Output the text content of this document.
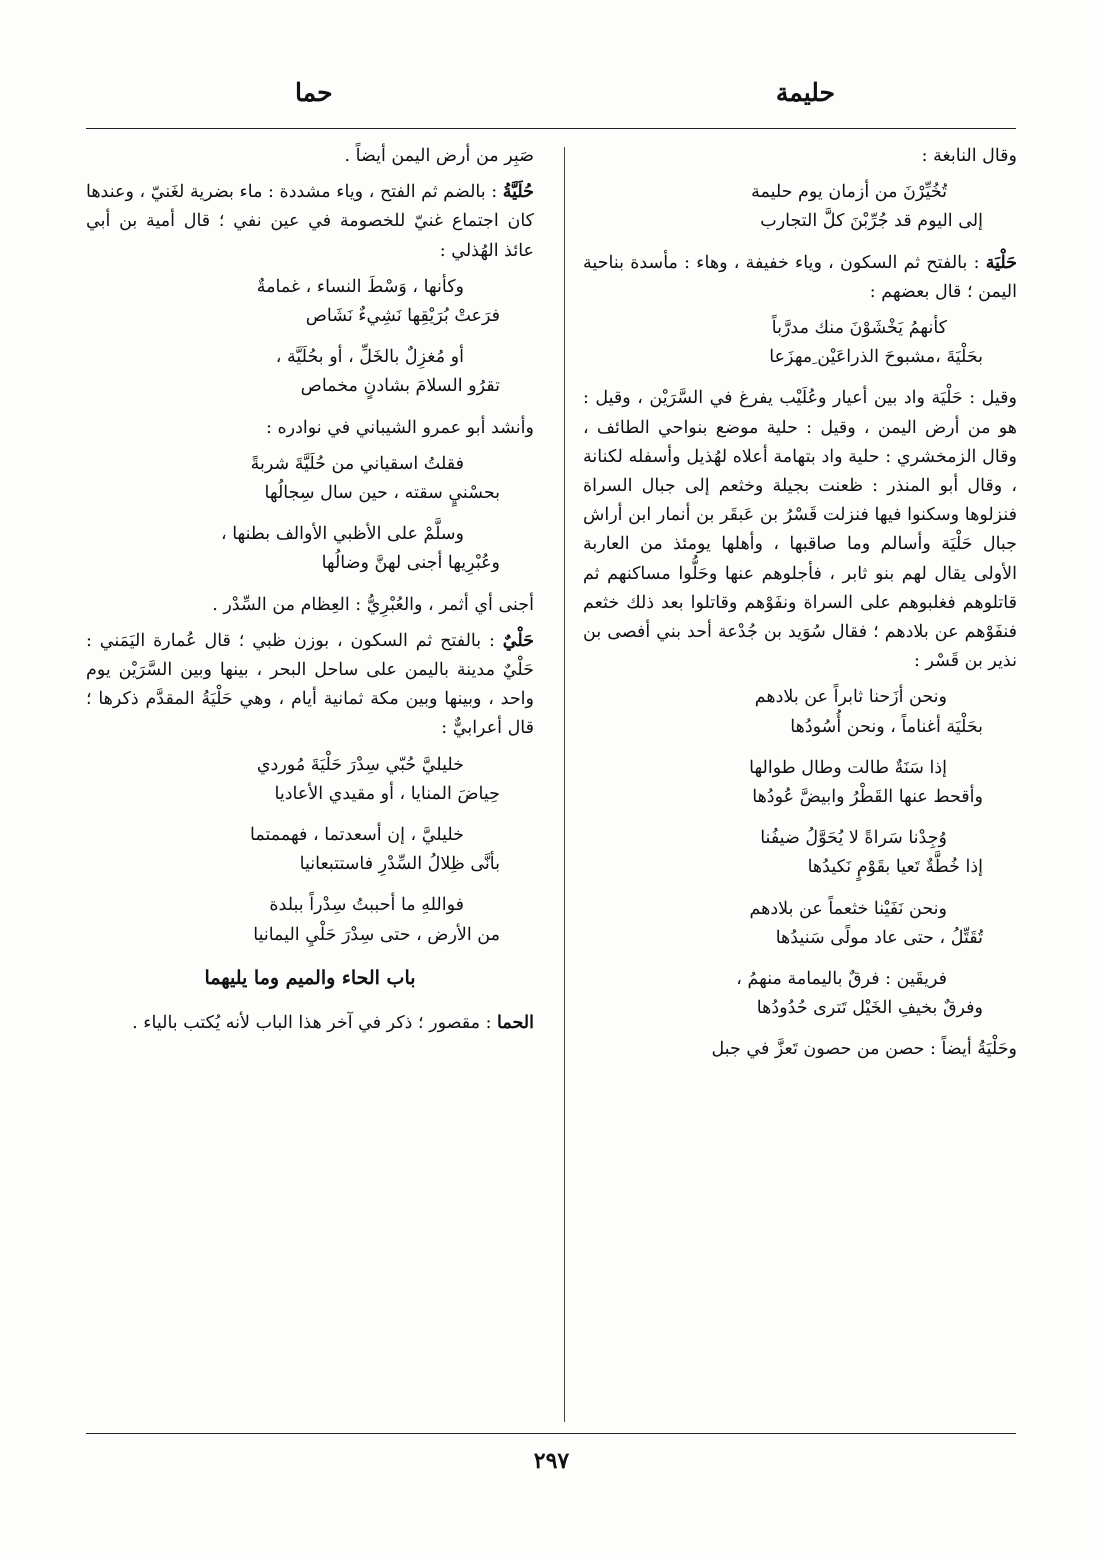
حليمة
حما

وقال النابغة :

تُخُيِّرْنَ من أزمان يوم حليمة
إلى اليوم قد جُرِّبْنَ كلَّ التجارب

حَلْيَة : بالفتح ثم السكون ، وياء خفيفة ، وهاء : مأسدة بناحية اليمن ؛ قال بعضهم :

كأنهمُ يَخْشَوْنَ منك مدرَّباً
بحَلْيَةَ ،مشبوحَ الذراعَيْن ِمهزَعا

وقيل : حَلْيَة واد بين أعيار وعُلَيْب يفرغ في السَّرَيْن ، وقيل : هو من أرض اليمن ، وقيل : حلية موضع بنواحي الطائف ، وقال الزمخشري : حلية واد بتهامة أعلاه لهُذيل وأسفله لكنانة ، وقال أبو المنذر : ظعنت بجيلة وخثعم إلى جبال السراة فنزلوها وسكنوا فيها فنزلت قَسْرُ بن عَبقَر بن أنمار ابن أراش جبال حَلْيَة وأسالم وما صاقبها ، وأهلها يومئذ من العاربة الأولى يقال لهم بنو ثابر ، فأجلوهم عنها وحَلُّوا مساكنهم ثم قاتلوهم فغلبوهم على السراة ونفَوْهم وقاتلوا بعد ذلك خثعم فنفَوْهم عن بلادهم ؛ فقال سُوَيد بن جُدْعة أحد بني أفصى بن نذير بن قَسْر :

ونحن أزَحنا ثابراً عن بلادهم
بحَلْيَة أغناماً ، ونحن أُسُودُها
إذا سَنَةٌ طالت وطال طوالها
وأقحط عنها القَطْرُ وابيضَّ عُودُها
وُجِدْنا سَراةً لا يُحَوَّلُ ضيفُنا
إذا خُطَّةٌ تَعيا بقَوْمٍ نَكيدُها
ونحن نَفَيْنا خثعماً عن بلادهم
تُقَتِّلُ ، حتى عاد مولًى سَنيدُها
فريقَين : فرقٌ باليمامة منهمُ ،
وفرقٌ بخيفِ الخَيْل تَترى حُدُودُها

وحَلْيَةُ أيضاً : حصن من حصون تَعزَّ في جبل

صَبِر من أرض اليمن أيضاً .

حُلَيَّةُ : بالضم ثم الفتح ، وياء مشددة : ماء بضرية لغَنيّ ، وعندها كان اجتماع غنيّ للخصومة في عين نفي ؛ قال أمية بن أبي عائذ الهُذلي :

وكأنها ، وَسْطَ النساء ، غمامةٌ
فرَعتْ بُرَيْقِها نَشِيءٌ نَشَاص
أو مُغزِلٌ بالخَلِّ ، أو بحُلَيَّة ،
تقرُو السلامَ بشادنٍ مخماص

وأنشد أبو عمرو الشيباني في نوادره :

فقلتُ اسقياني من حُلَيَّةَ شربةً
بحسْنيٍ سقته ، حين سال سِجالُها
وسلَّمْ على الأظبي الأوالف بطنها ،
وعُبْرِيها أجنى لهنَّ وضالُها

أجنى أي أثمر ، والعُبْرِيُّ : العِظام من السِّدْر .

حَلْيٌ : بالفتح ثم السكون ، بوزن ظبي ؛ قال عُمارة اليَمَني : حَلْيٌ مدينة باليمن على ساحل البحر ، بينها وبين السَّرَيْن يوم واحد ، وبينها وبين مكة ثمانية أيام ، وهي حَلْيَةُ المقدَّم ذكرها ؛ قال أعرابيٌّ :

خليليَّ حُبّي سِدْرَ حَلْيَةَ مُوردي
حِياضَ المنايا ، أو مقيدي الأعاديا
خليليَّ ، إن أسعدتما ، فهممتما
بأنَّى ظِلالُ السِّدْرِ فاستتبعانيا
فواللهِ ما أحببتُ سِدْراً ببلدة
من الأرض ، حتى سِدْرَ حَلْيِ اليمانيا
باب الحاء والميم وما يليهما

الحما : مقصور ؛ ذكر في آخر هذا الباب لأنه يُكتب بالياء .

٢٩٧
